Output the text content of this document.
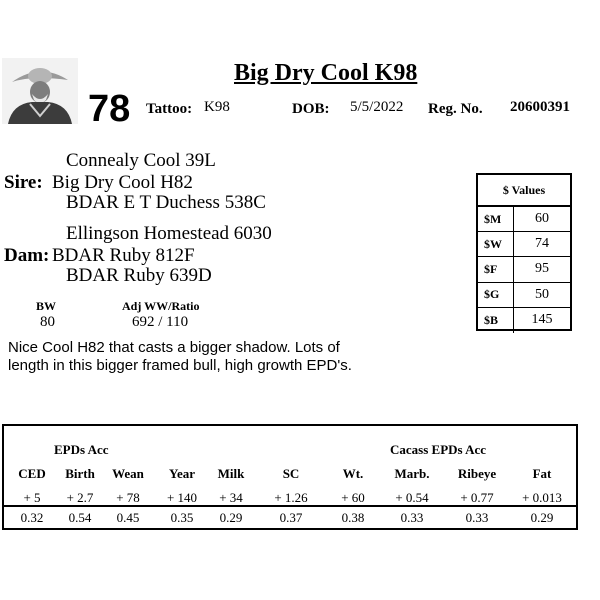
Big Dry Cool K98
78 Tattoo: K98	DOB: 5/5/2022 Reg. No. 20600391
Connealy Cool 39L
Sire: Big Dry Cool H82
BDAR E T Duchess 538C
Ellingson Homestead 6030
Dam: BDAR Ruby 812F
BDAR Ruby 639D
BW
80
Adj WW/Ratio
692 / 110
Nice Cool H82 that casts a bigger shadow. Lots of length in this bigger framed bull, high growth EPD's.
$ Values
$M	60
$W	74
$F	95
$G	50
$B	145
EPDs Acc	Cacass EPDs Acc
CED	Birth	Wean	Year	Milk	SC	Wt.	Marb.	Ribeye	Fat
+ 5	+ 2.7	+ 78	+ 140	+ 34	+ 1.26	+ 60	+ 0.54	+ 0.77	+ 0.013
0.32	0.54	0.45	0.35	0.29	0.37	0.38	0.33	0.33	0.29
